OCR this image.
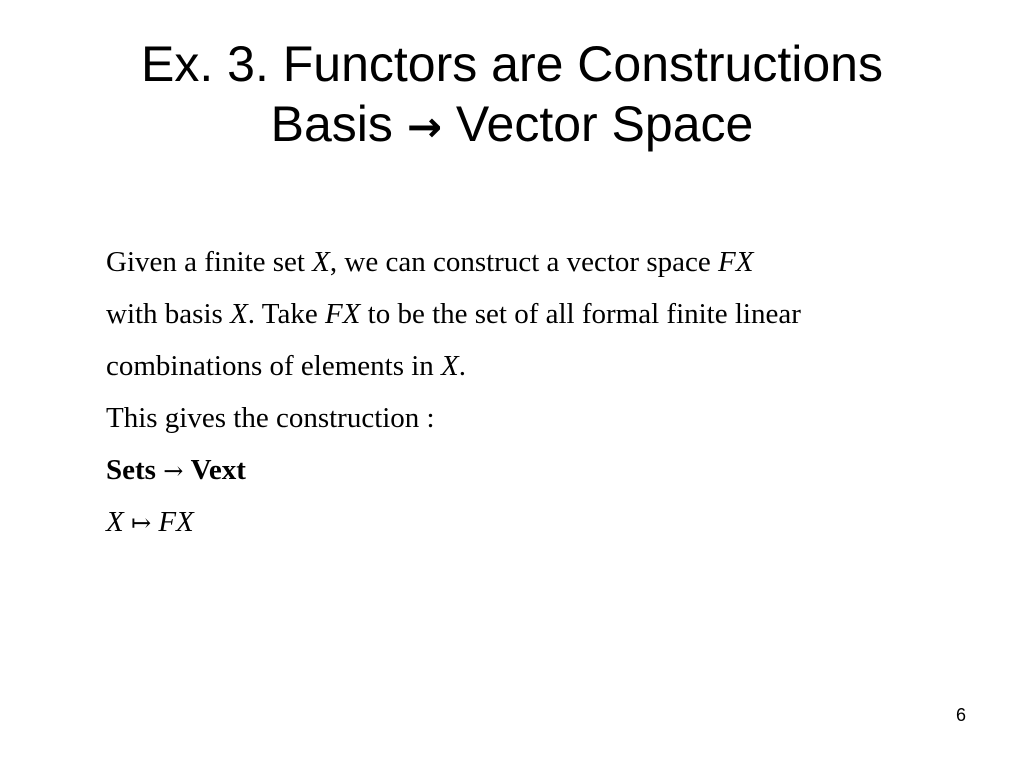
Ex. 3. Functors are Constructions
Basis → Vector Space
Given a finite set X, we can construct a vector space FX
with basis X. Take FX to be the set of all formal finite linear
combinations of elements in X.
This gives the construction :
Sets → Vext
X ↦ FX
6
